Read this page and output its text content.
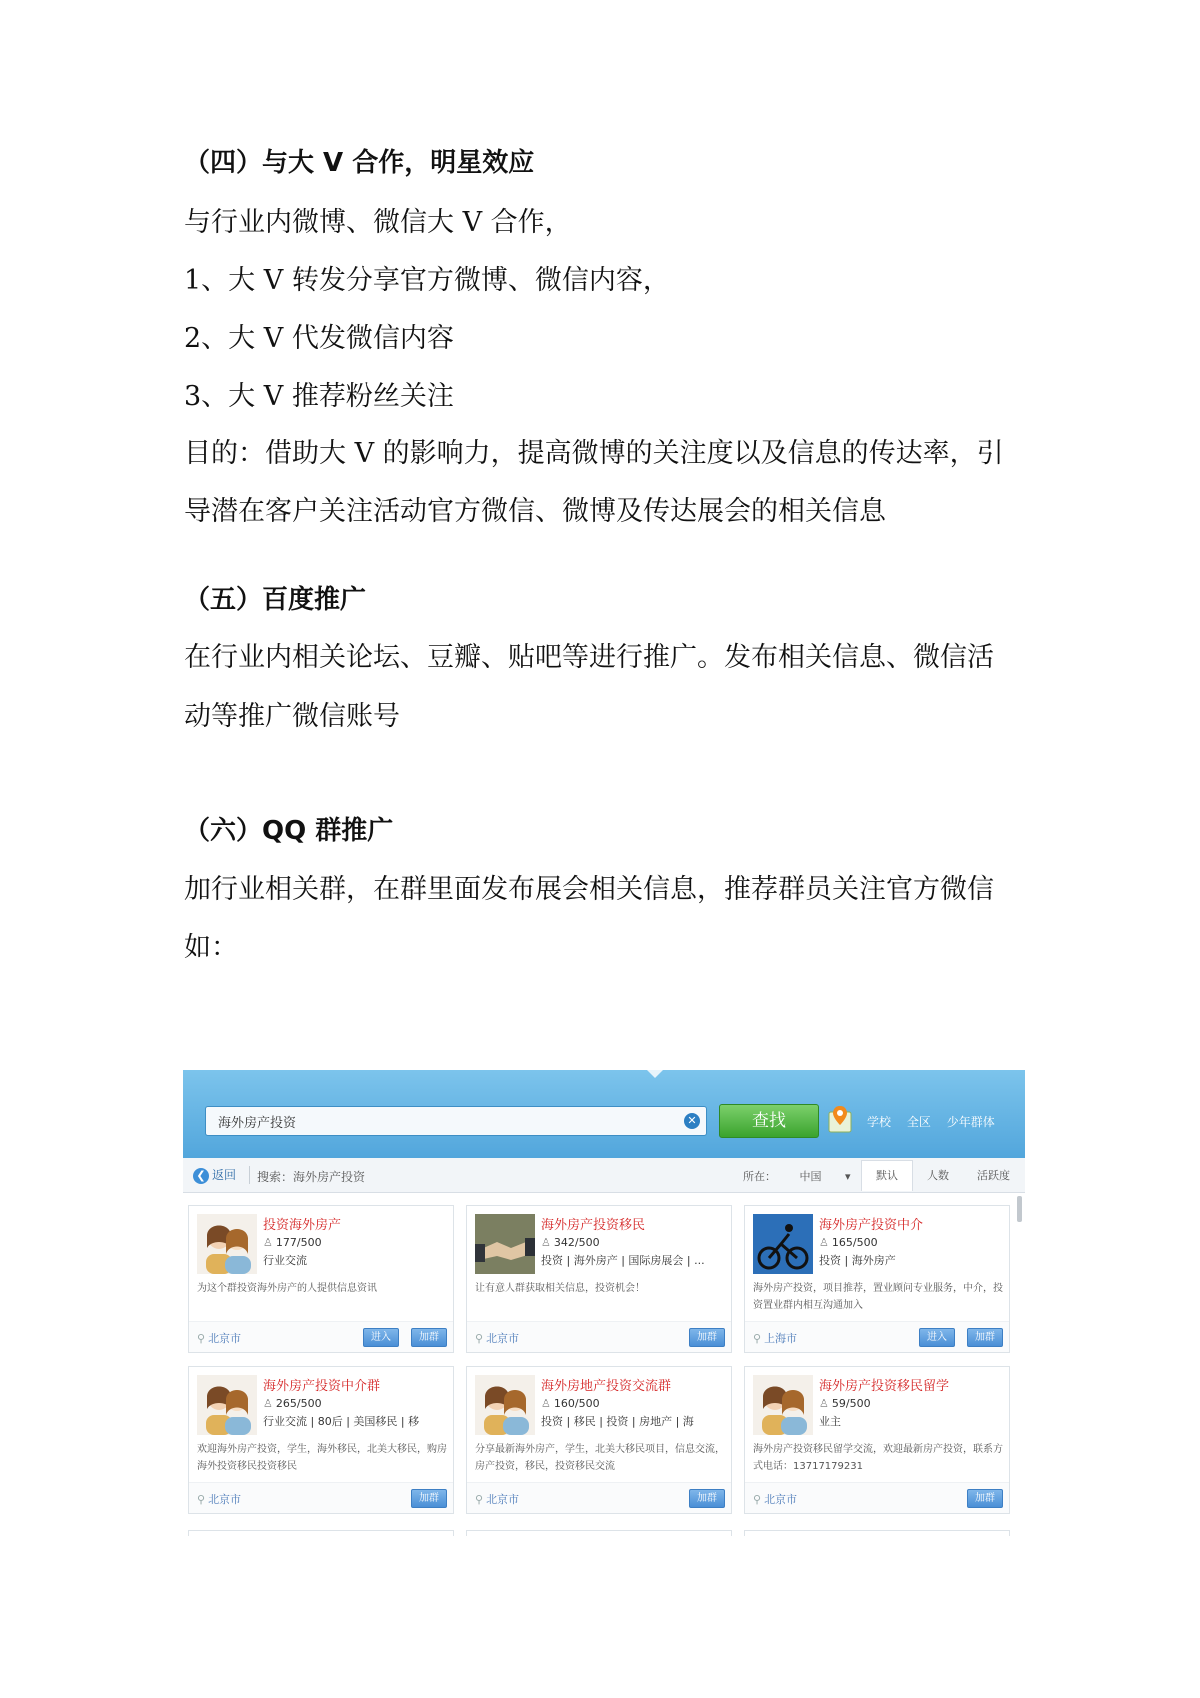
（四）与大 V 合作，明星效应
与行业内微博、微信大 V 合作，
1、大 V 转发分享官方微博、微信内容，
2、大 V 代发微信内容
3、大 V 推荐粉丝关注
目的：借助大 V 的影响力，提高微博的关注度以及信息的传达率，引
导潜在客户关注活动官方微信、微博及传达展会的相关信息
（五）百度推广
在行业内相关论坛、豆瓣、贴吧等进行推广。发布相关信息、微信活
动等推广微信账号
（六）QQ 群推广
加行业相关群，在群里面发布展会相关信息，推荐群员关注官方微信
如：
海外房产投资	✕	查找	学校 全区 少年群体
❮ 返回 搜索：海外房产投资	所在： 中国 ▾	默认	人数	活跃度
投资海外房产
♙ 177/500
行业交流
为这个群投资海外房产的人提供信息资讯
⚲ 北京市	进入	加群
海外房产投资移民
♙ 342/500
投资 | 海外房产 | 国际房展会 | ...
让有意人群获取相关信息，投资机会！
⚲ 北京市	加群
海外房产投资中介
♙ 165/500
投资 | 海外房产
海外房产投资，项目推荐，置业顾问专业服务，中介，投资置业群内相互沟通加入
⚲ 上海市	进入	加群
海外房产投资中介群
♙ 265/500
行业交流 | 80后 | 美国移民 | 移
欢迎海外房产投资，学生，海外移民，北美大移民，购房海外投资移民投资移民
⚲ 北京市	加群
海外房地产投资交流群
♙ 160/500
投资 | 移民 | 投资 | 房地产 | 海
分享最新海外房产，学生，北美大移民项目，信息交流，房产投资，移民，投资移民交流
⚲ 北京市	加群
海外房产投资移民留学
♙ 59/500
业主
海外房产投资移民留学交流，欢迎最新房产投资，联系方式电话：13717179231
⚲ 北京市	加群
